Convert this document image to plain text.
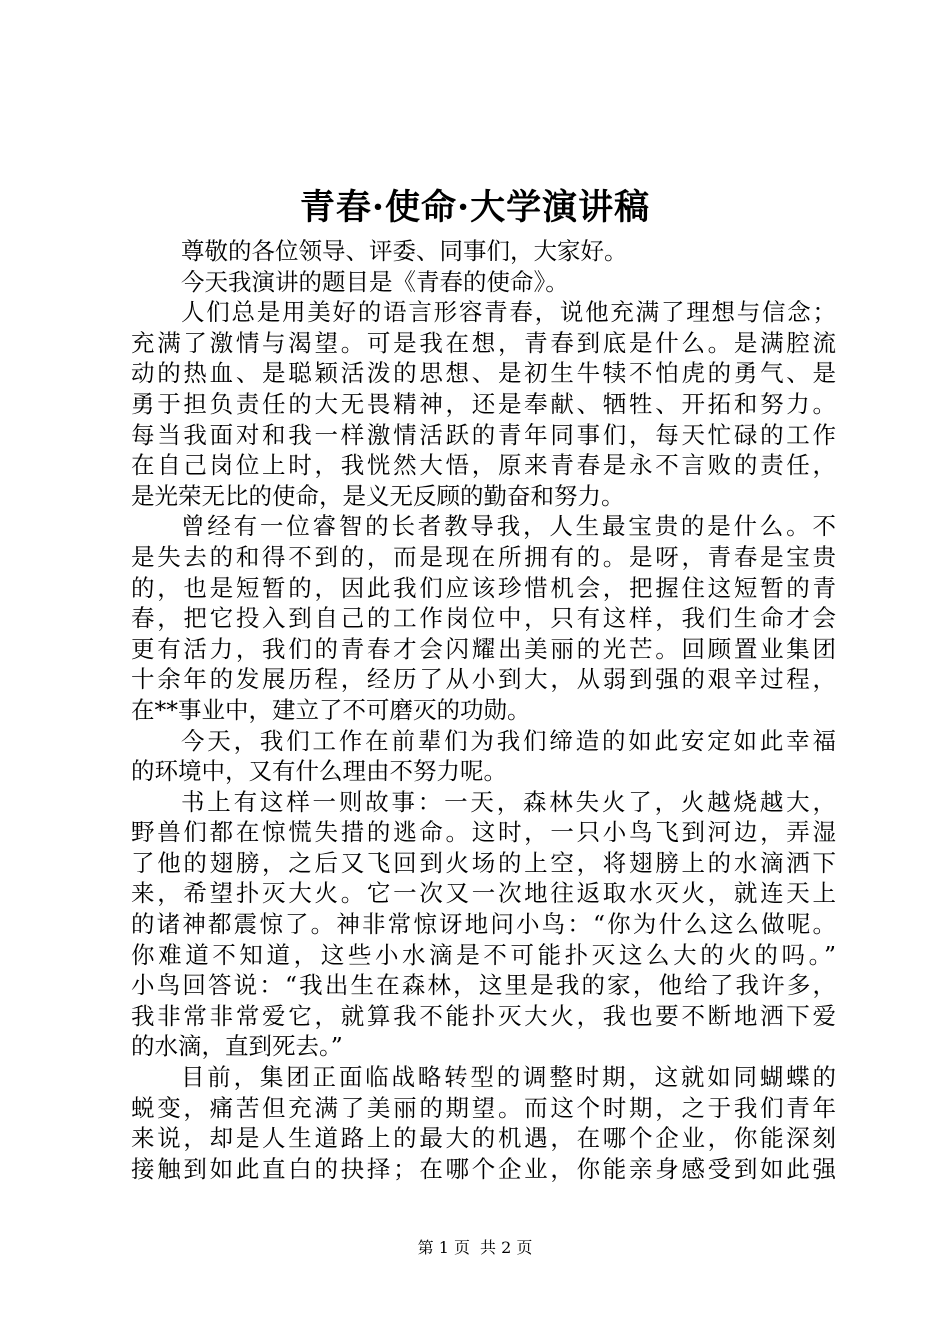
青春·使命·大学演讲稿
尊敬的各位领导、评委、同事们，大家好。
今天我演讲的题目是《青春的使命》。
人们总是用美好的语言形容青春，说他充满了理想与信念；
充满了激情与渴望。可是我在想，青春到底是什么。是满腔流
动的热血、是聪颖活泼的思想、是初生牛犊不怕虎的勇气、是
勇于担负责任的大无畏精神，还是奉献、牺牲、开拓和努力。
每当我面对和我一样激情活跃的青年同事们，每天忙碌的工作
在自己岗位上时，我恍然大悟，原来青春是永不言败的责任，
是光荣无比的使命，是义无反顾的勤奋和努力。
曾经有一位睿智的长者教导我，人生最宝贵的是什么。不
是失去的和得不到的，而是现在所拥有的。是呀，青春是宝贵
的，也是短暂的，因此我们应该珍惜机会，把握住这短暂的青
春，把它投入到自己的工作岗位中，只有这样，我们生命才会
更有活力，我们的青春才会闪耀出美丽的光芒。回顾置业集团
十余年的发展历程，经历了从小到大，从弱到强的艰辛过程，
在**事业中，建立了不可磨灭的功勋。
今天，我们工作在前辈们为我们缔造的如此安定如此幸福
的环境中，又有什么理由不努力呢。
书上有这样一则故事：一天，森林失火了，火越烧越大，
野兽们都在惊慌失措的逃命。这时，一只小鸟飞到河边，弄湿
了他的翅膀，之后又飞回到火场的上空，将翅膀上的水滴洒下
来，希望扑灭大火。它一次又一次地往返取水灭火，就连天上
的诸神都震惊了。神非常惊讶地问小鸟：“你为什么这么做呢。
你难道不知道，这些小水滴是不可能扑灭这么大的火的吗。”
小鸟回答说：“我出生在森林，这里是我的家，他给了我许多，
我非常非常爱它，就算我不能扑灭大火，我也要不断地洒下爱
的水滴，直到死去。”
目前，集团正面临战略转型的调整时期，这就如同蝴蝶的
蜕变，痛苦但充满了美丽的期望。而这个时期，之于我们青年
来说，却是人生道路上的最大的机遇，在哪个企业，你能深刻
接触到如此直白的抉择；在哪个企业，你能亲身感受到如此强
第 1 页 共 2 页
